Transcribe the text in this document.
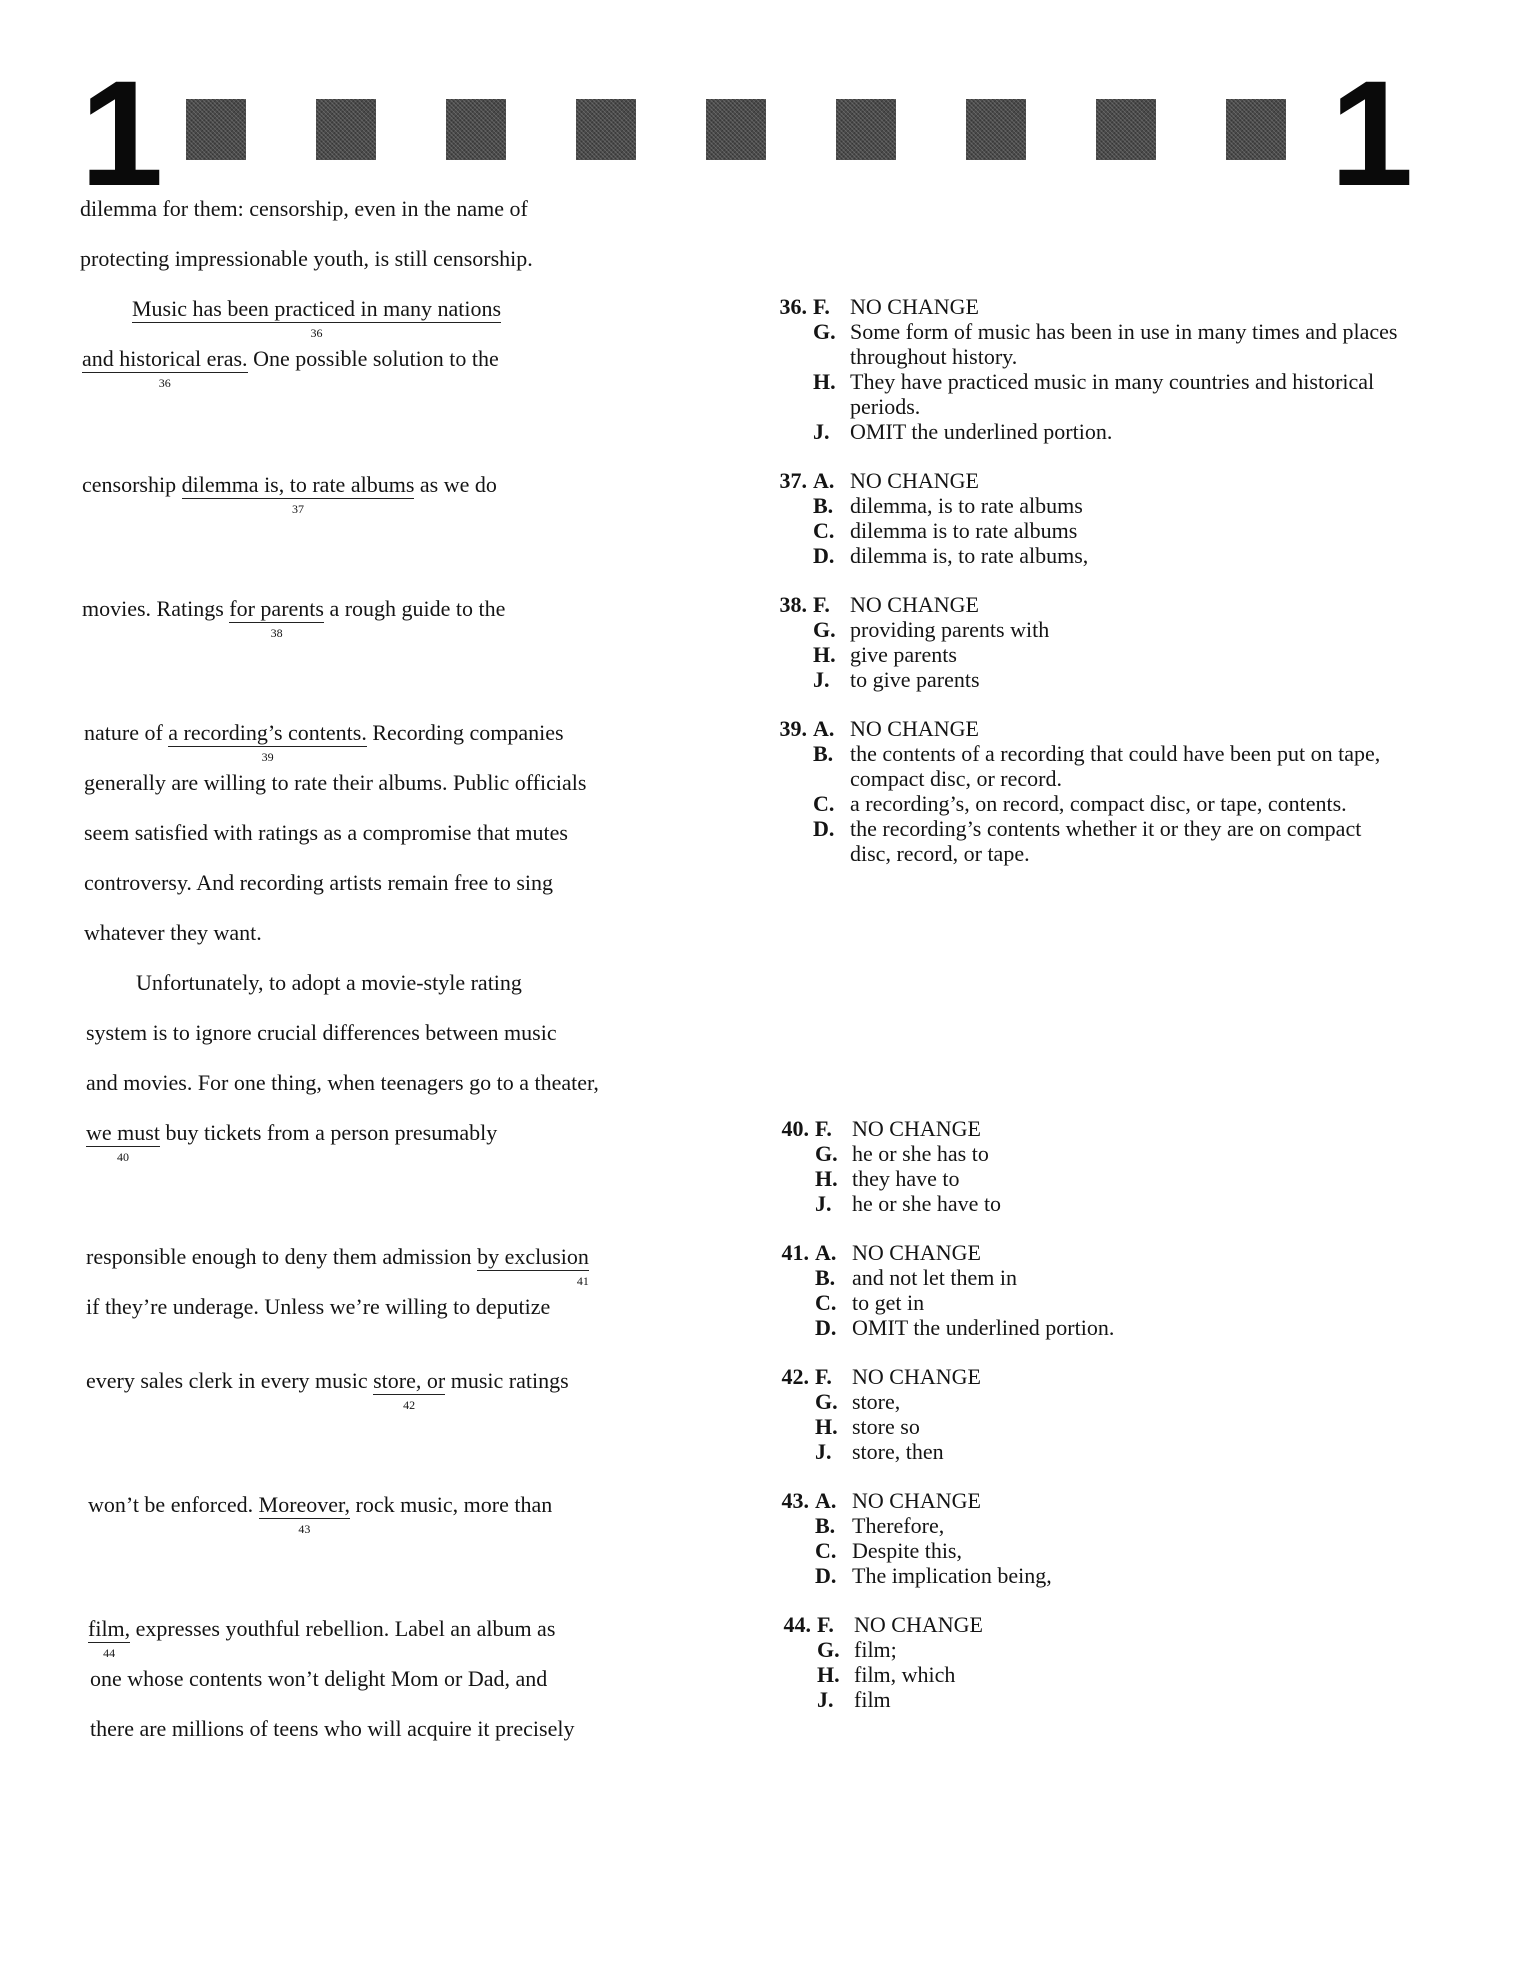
1	1
dilemma for them: censorship, even in the name of
protecting impressionable youth, is still censorship.
Music has been practiced in many nations
36
and historical eras.
36
One possible solution to the
censorship dilemma is, to rate albums
37
as we do
movies. Ratings for parents
38
a rough guide to the
nature of a recording’s contents.
39
Recording companies
generally are willing to rate their albums. Public officials
seem satisfied with ratings as a compromise that mutes
controversy. And recording artists remain free to sing
whatever they want.
Unfortunately, to adopt a movie-style rating
system is to ignore crucial differences between music
and movies. For one thing, when teenagers go to a theater,
we must
40
buy tickets from a person presumably
responsible enough to deny them admission by exclusion
41
if they’re underage. Unless we’re willing to deputize
every sales clerk in every music store, or
42
music ratings
won’t be enforced. Moreover,
43
rock music, more than
film,
44
expresses youthful rebellion. Label an album as
one whose contents won’t delight Mom or Dad, and
there are millions of teens who will acquire it precisely
36. F. NO CHANGE
G. Some form of music has been in use in many times and places throughout history.
H. They have practiced music in many countries and historical periods.
J. OMIT the underlined portion.
37. A. NO CHANGE
B. dilemma, is to rate albums
C. dilemma is to rate albums
D. dilemma is, to rate albums,
38. F. NO CHANGE
G. providing parents with
H. give parents
J. to give parents
39. A. NO CHANGE
B. the contents of a recording that could have been put on tape, compact disc, or record.
C. a recording’s, on record, compact disc, or tape, contents.
D. the recording’s contents whether it or they are on compact disc, record, or tape.
40. F. NO CHANGE
G. he or she has to
H. they have to
J. he or she have to
41. A. NO CHANGE
B. and not let them in
C. to get in
D. OMIT the underlined portion.
42. F. NO CHANGE
G. store,
H. store so
J. store, then
43. A. NO CHANGE
B. Therefore,
C. Despite this,
D. The implication being,
44. F. NO CHANGE
G. film;
H. film, which
J. film
